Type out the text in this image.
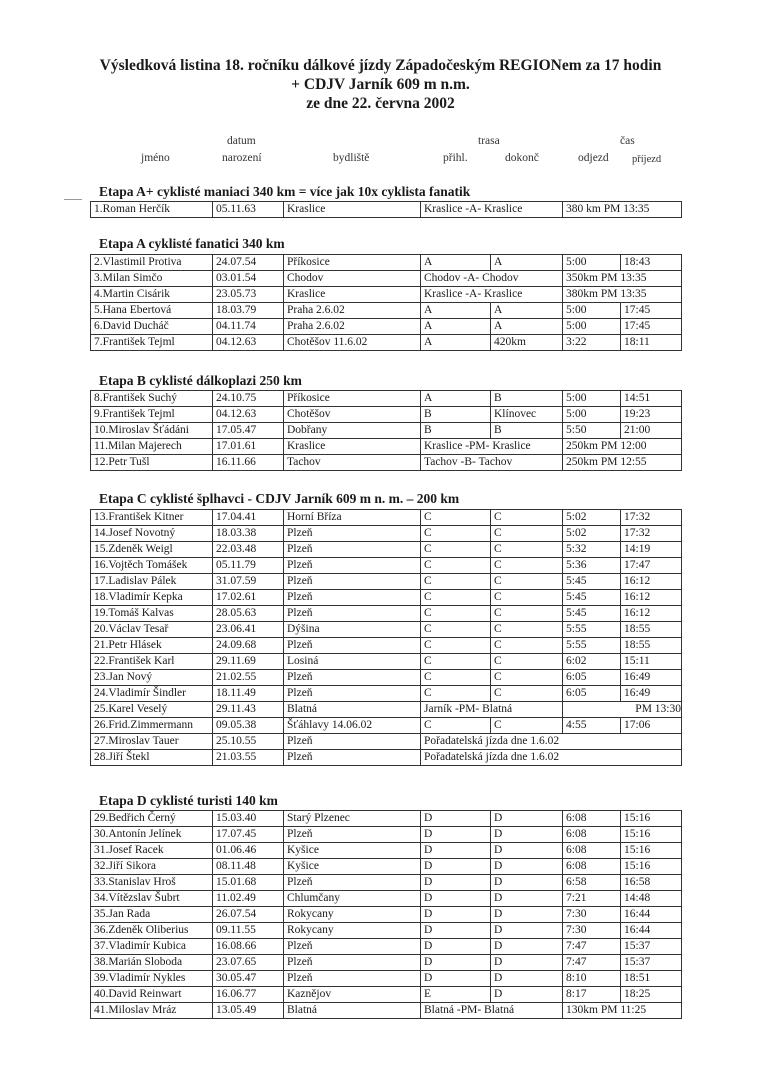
Výsledková listina 18. ročníku dálkové jízdy Západočeským REGIONem za 17 hodin
+ CDJV Jarník 609 m n.m.
ze dne 22. června 2002
datum	trasa	čas
jméno	narození	bydliště	přihl.	dokonč	odjezd příjezd
Etapa A+ cyklisté maniaci 340 km = více jak 10x cyklista fanatik
1.Roman Herčík	05.11.63	Kraslice	Kraslice -A- Kraslice	380 km PM 13:35
Etapa A cyklisté fanatici 340 km
2.Vlastimil Protiva	24.07.54	Příkosice	A	A	5:00	18:43
3.Milan Simčo	03.01.54	Chodov	Chodov -A- Chodov		350km PM 13:35	
4.Martin Cisárik	23.05.73	Kraslice	Kraslice -A- Kraslice		380km PM 13:35	
5.Hana Ebertová	18.03.79	Praha 2.6.02	A	A	5:00	17:45
6.David Ducháč	04.11.74	Praha 2.6.02	A	A	5:00	17:45
7.František Tejml	04.12.63	Chotěšov 11.6.02	A	420km	3:22	18:11
Etapa B cyklisté dálkoplazi 250 km
8.František Suchý	24.10.75	Příkosice	A	B	5:00	14:51
9.František Tejml	04.12.63	Chotěšov	B	Klínovec	5:00	19:23
10.Miroslav Šťádáni	17.05.47	Dobřany	B	B	5:50	21:00
11.Milan Majerech	17.01.61	Kraslice	Kraslice -PM- Kraslice		250km PM 12:00	
12.Petr Tušl	16.11.66	Tachov	Tachov -B- Tachov		250km PM 12:55	
Etapa C cyklisté šplhavci - CDJV Jarník 609 m n. m. – 200 km
13.František Kitner	17.04.41	Horní Bříza	C	C	5:02	17:32
14.Josef Novotný	18.03.38	Plzeň	C	C	5:02	17:32
15.Zdeněk Weigl	22.03.48	Plzeň	C	C	5:32	14:19
16.Vojtěch Tomášek	05.11.79	Plzeň	C	C	5:36	17:47
17.Ladislav Pálek	31.07.59	Plzeň	C	C	5:45	16:12
18.Vladimír Kepka	17.02.61	Plzeň	C	C	5:45	16:12
19.Tomáš Kalvas	28.05.63	Plzeň	C	C	5:45	16:12
20.Václav Tesař	23.06.41	Dýšina	C	C	5:55	18:55
21.Petr Hlásek	24.09.68	Plzeň	C	C	5:55	18:55
22.František Karl	29.11.69	Losiná	C	C	6:02	15:11
23.Jan Nový	21.02.55	Plzeň	C	C	6:05	16:49
24.Vladimír Šindler	18.11.49	Plzeň	C	C	6:05	16:49
25.Karel Veselý	29.11.43	Blatná	Jarník -PM- Blatná		PM 13:30	
26.Frid.Zimmermann	09.05.38	Šťáhlavy 14.06.02	C	C	4:55	17:06
27.Miroslav Tauer	25.10.55	Plzeň	Pořadatelská jízda dne 1.6.02			
28.Jiří Štekl	21.03.55	Plzeň	Pořadatelská jízda dne 1.6.02			
Etapa D cyklisté turisti 140 km
29.Bedřich Černý	15.03.40	Starý Plzenec	D	D	6:08	15:16
30.Antonín Jelínek	17.07.45	Plzeň	D	D	6:08	15:16
31.Josef Racek	01.06.46	Kyšice	D	D	6:08	15:16
32.Jiří Sikora	08.11.48	Kyšice	D	D	6:08	15:16
33.Stanislav Hroš	15.01.68	Plzeň	D	D	6:58	16:58
34.Vítězslav Šubrt	11.02.49	Chlumčany	D	D	7:21	14:48
35.Jan Rada	26.07.54	Rokycany	D	D	7:30	16:44
36.Zdeněk Oliberius	09.11.55	Rokycany	D	D	7:30	16:44
37.Vladimír Kubica	16.08.66	Plzeň	D	D	7:47	15:37
38.Marián Sloboda	23.07.65	Plzeň	D	D	7:47	15:37
39.Vladimír Nykles	30.05.47	Plzeň	D	D	8:10	18:51
40.David Reinwart	16.06.77	Kaznějov	E	D	8:17	18:25
41.Miloslav Mráz	13.05.49	Blatná	Blatná -PM- Blatná		130km PM 11:25	
